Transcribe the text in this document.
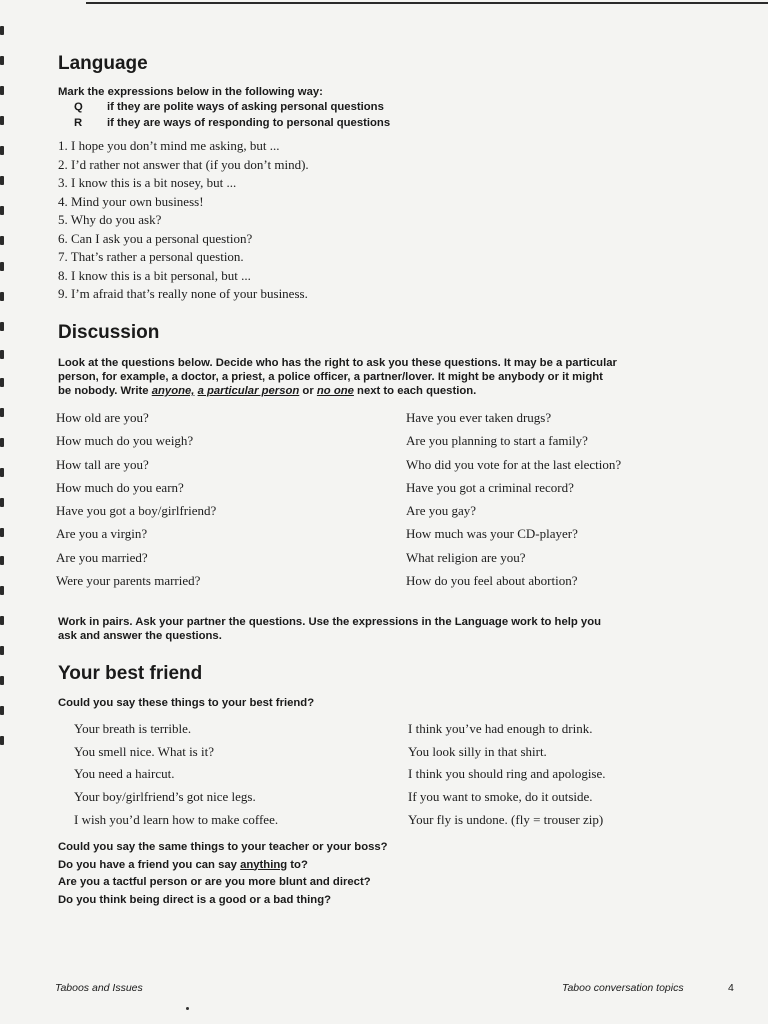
Language
Mark the expressions below in the following way:
Q if they are polite ways of asking personal questions
R if they are ways of responding to personal questions
1. I hope you don’t mind me asking, but ...
2. I’d rather not answer that (if you don’t mind).
3. I know this is a bit nosey, but ...
4. Mind your own business!
5. Why do you ask?
6. Can I ask you a personal question?
7. That’s rather a personal question.
8. I know this is a bit personal, but ...
9. I’m afraid that’s really none of your business.
Discussion
Look at the questions below. Decide who has the right to ask you these questions. It may be a particular
person, for example, a doctor, a priest, a police officer, a partner/lover. It might be anybody or it might
be nobody. Write anyone, a particular person or no one next to each question.
How old are you?
How much do you weigh?
How tall are you?
How much do you earn?
Have you got a boy/girlfriend?
Are you a virgin?
Are you married?
Were your parents married?
Have you ever taken drugs?
Are you planning to start a family?
Who did you vote for at the last election?
Have you got a criminal record?
Are you gay?
How much was your CD-player?
What religion are you?
How do you feel about abortion?
Work in pairs. Ask your partner the questions. Use the expressions in the Language work to help you
ask and answer the questions.
Your best friend
Could you say these things to your best friend?
Your breath is terrible.
You smell nice. What is it?
You need a haircut.
Your boy/girlfriend’s got nice legs.
I wish you’d learn how to make coffee.
I think you’ve had enough to drink.
You look silly in that shirt.
I think you should ring and apologise.
If you want to smoke, do it outside.
Your fly is undone. (fly = trouser zip)
Could you say the same things to your teacher or your boss?
Do you have a friend you can say anything to?
Are you a tactful person or are you more blunt and direct?
Do you think being direct is a good or a bad thing?
Taboos and Issues	Taboo conversation topics	4
